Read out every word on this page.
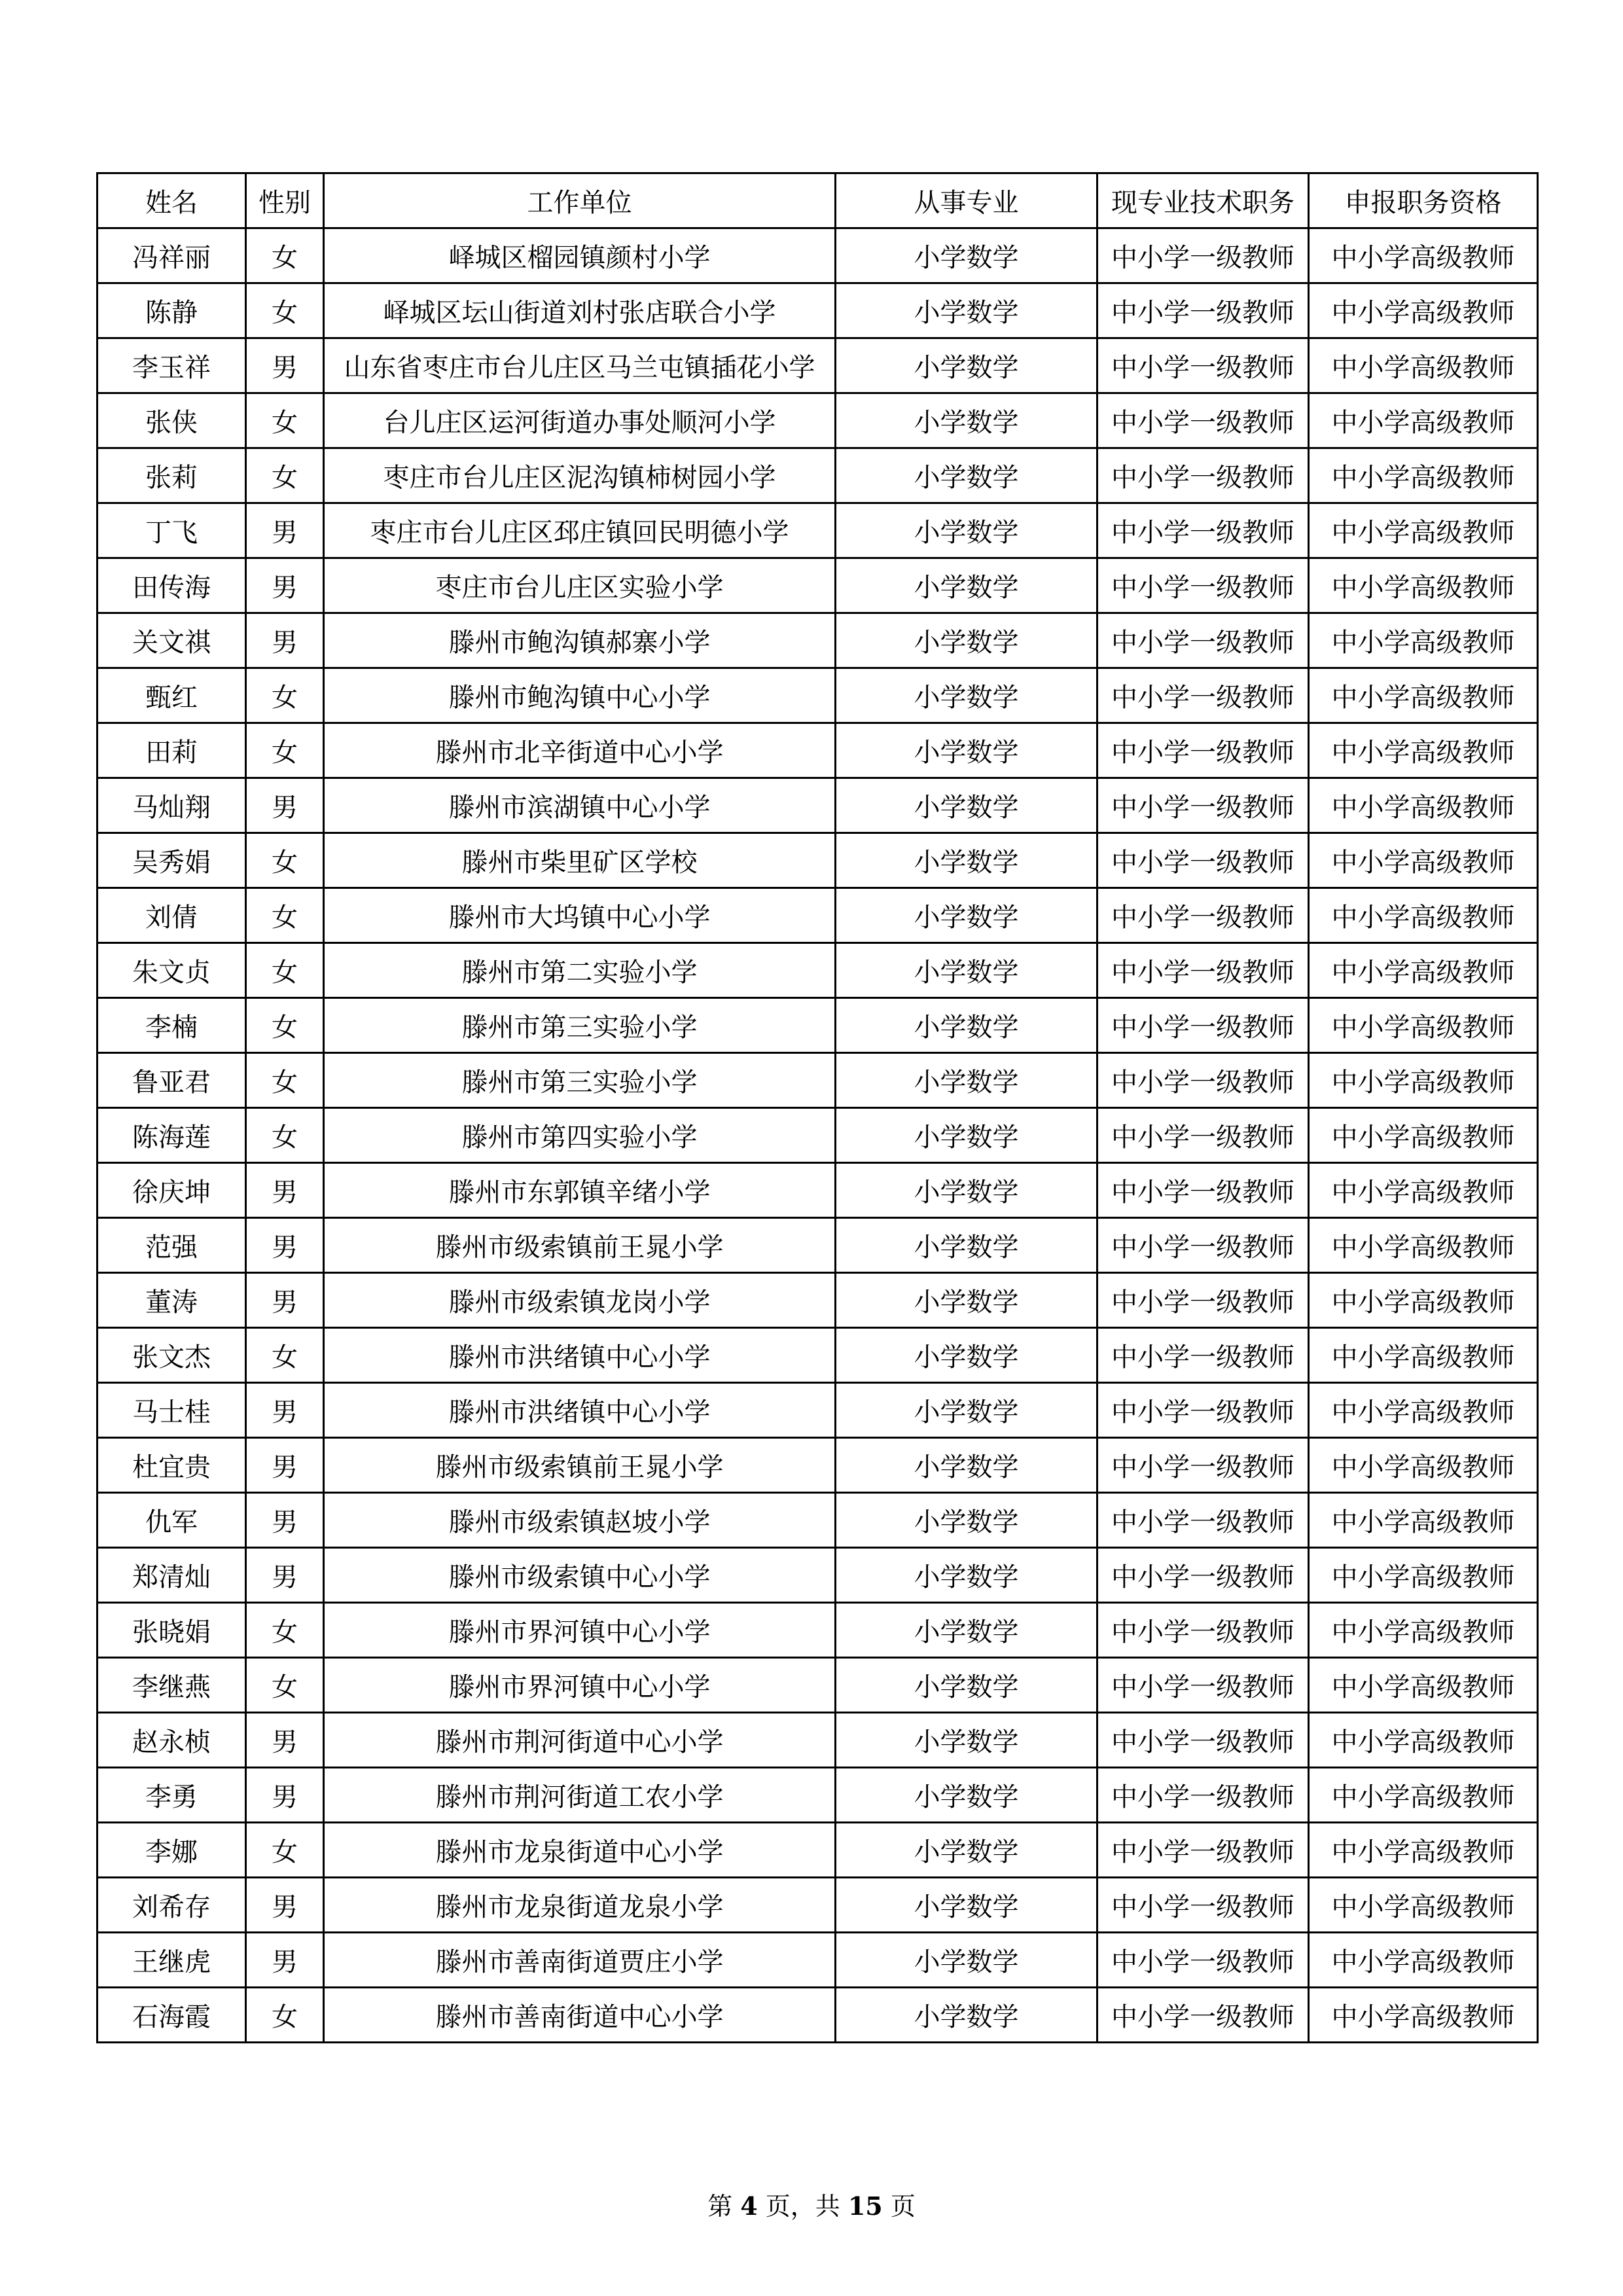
姓名	性别	工作单位	从事专业	现专业技术职务	申报职务资格
冯祥丽	女	峄城区榴园镇颜村小学	小学数学	中小学一级教师	中小学高级教师
陈静	女	峄城区坛山街道刘村张店联合小学	小学数学	中小学一级教师	中小学高级教师
李玉祥	男	山东省枣庄市台儿庄区马兰屯镇插花小学	小学数学	中小学一级教师	中小学高级教师
张侠	女	台儿庄区运河街道办事处顺河小学	小学数学	中小学一级教师	中小学高级教师
张莉	女	枣庄市台儿庄区泥沟镇柿树园小学	小学数学	中小学一级教师	中小学高级教师
丁飞	男	枣庄市台儿庄区邳庄镇回民明德小学	小学数学	中小学一级教师	中小学高级教师
田传海	男	枣庄市台儿庄区实验小学	小学数学	中小学一级教师	中小学高级教师
关文祺	男	滕州市鲍沟镇郝寨小学	小学数学	中小学一级教师	中小学高级教师
甄红	女	滕州市鲍沟镇中心小学	小学数学	中小学一级教师	中小学高级教师
田莉	女	滕州市北辛街道中心小学	小学数学	中小学一级教师	中小学高级教师
马灿翔	男	滕州市滨湖镇中心小学	小学数学	中小学一级教师	中小学高级教师
吴秀娟	女	滕州市柴里矿区学校	小学数学	中小学一级教师	中小学高级教师
刘倩	女	滕州市大坞镇中心小学	小学数学	中小学一级教师	中小学高级教师
朱文贞	女	滕州市第二实验小学	小学数学	中小学一级教师	中小学高级教师
李楠	女	滕州市第三实验小学	小学数学	中小学一级教师	中小学高级教师
鲁亚君	女	滕州市第三实验小学	小学数学	中小学一级教师	中小学高级教师
陈海莲	女	滕州市第四实验小学	小学数学	中小学一级教师	中小学高级教师
徐庆坤	男	滕州市东郭镇辛绪小学	小学数学	中小学一级教师	中小学高级教师
范强	男	滕州市级索镇前王晁小学	小学数学	中小学一级教师	中小学高级教师
董涛	男	滕州市级索镇龙岗小学	小学数学	中小学一级教师	中小学高级教师
张文杰	女	滕州市洪绪镇中心小学	小学数学	中小学一级教师	中小学高级教师
马士桂	男	滕州市洪绪镇中心小学	小学数学	中小学一级教师	中小学高级教师
杜宜贵	男	滕州市级索镇前王晁小学	小学数学	中小学一级教师	中小学高级教师
仇军	男	滕州市级索镇赵坡小学	小学数学	中小学一级教师	中小学高级教师
郑清灿	男	滕州市级索镇中心小学	小学数学	中小学一级教师	中小学高级教师
张晓娟	女	滕州市界河镇中心小学	小学数学	中小学一级教师	中小学高级教师
李继燕	女	滕州市界河镇中心小学	小学数学	中小学一级教师	中小学高级教师
赵永桢	男	滕州市荆河街道中心小学	小学数学	中小学一级教师	中小学高级教师
李勇	男	滕州市荆河街道工农小学	小学数学	中小学一级教师	中小学高级教师
李娜	女	滕州市龙泉街道中心小学	小学数学	中小学一级教师	中小学高级教师
刘希存	男	滕州市龙泉街道龙泉小学	小学数学	中小学一级教师	中小学高级教师
王继虎	男	滕州市善南街道贾庄小学	小学数学	中小学一级教师	中小学高级教师
石海霞	女	滕州市善南街道中心小学	小学数学	中小学一级教师	中小学高级教师
第 4 页，共 15 页
